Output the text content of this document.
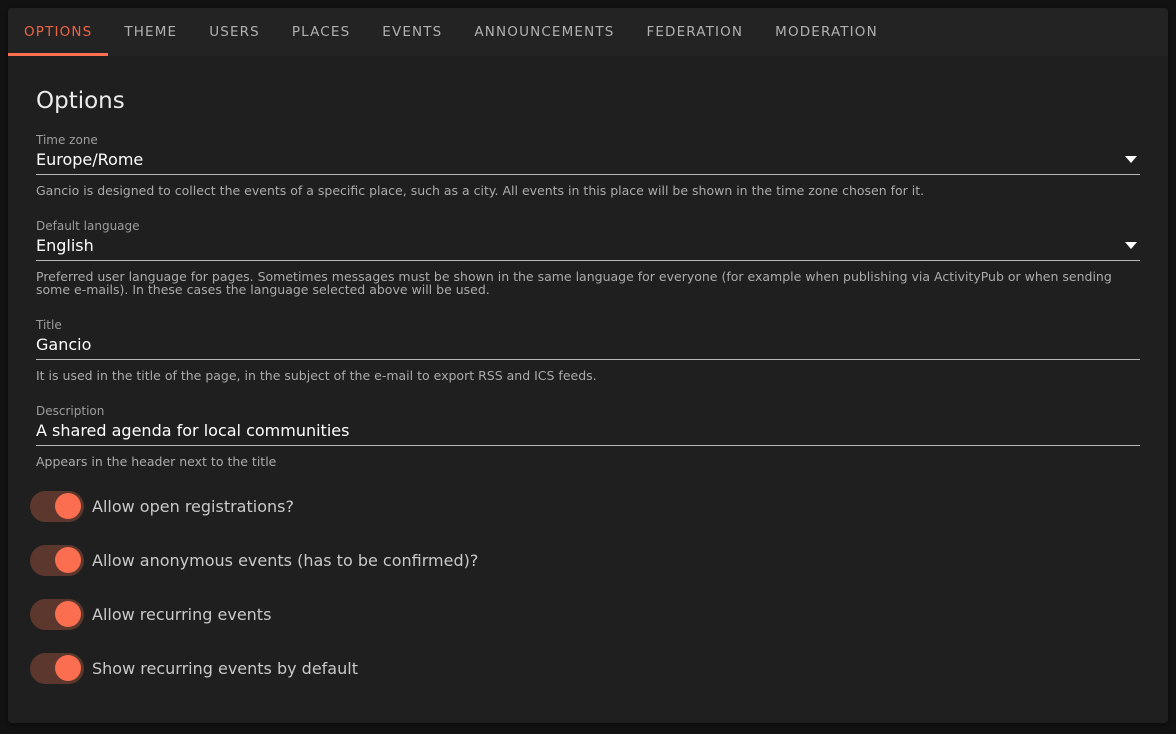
OPTIONS	THEME	USERS	PLACES	EVENTS	ANNOUNCEMENTS	FEDERATION	MODERATION
Options
Time zone
Europe/Rome
Gancio is designed to collect the events of a specific place, such as a city. All events in this place will be shown in the time zone chosen for it.
Default language
English
Preferred user language for pages. Sometimes messages must be shown in the same language for everyone (for example when publishing via ActivityPub or when sending some e-mails). In these cases the language selected above will be used.
Title
Gancio
It is used in the title of the page, in the subject of the e-mail to export RSS and ICS feeds.
Description
A shared agenda for local communities
Appears in the header next to the title
Allow open registrations?
Allow anonymous events (has to be confirmed)?
Allow recurring events
Show recurring events by default
